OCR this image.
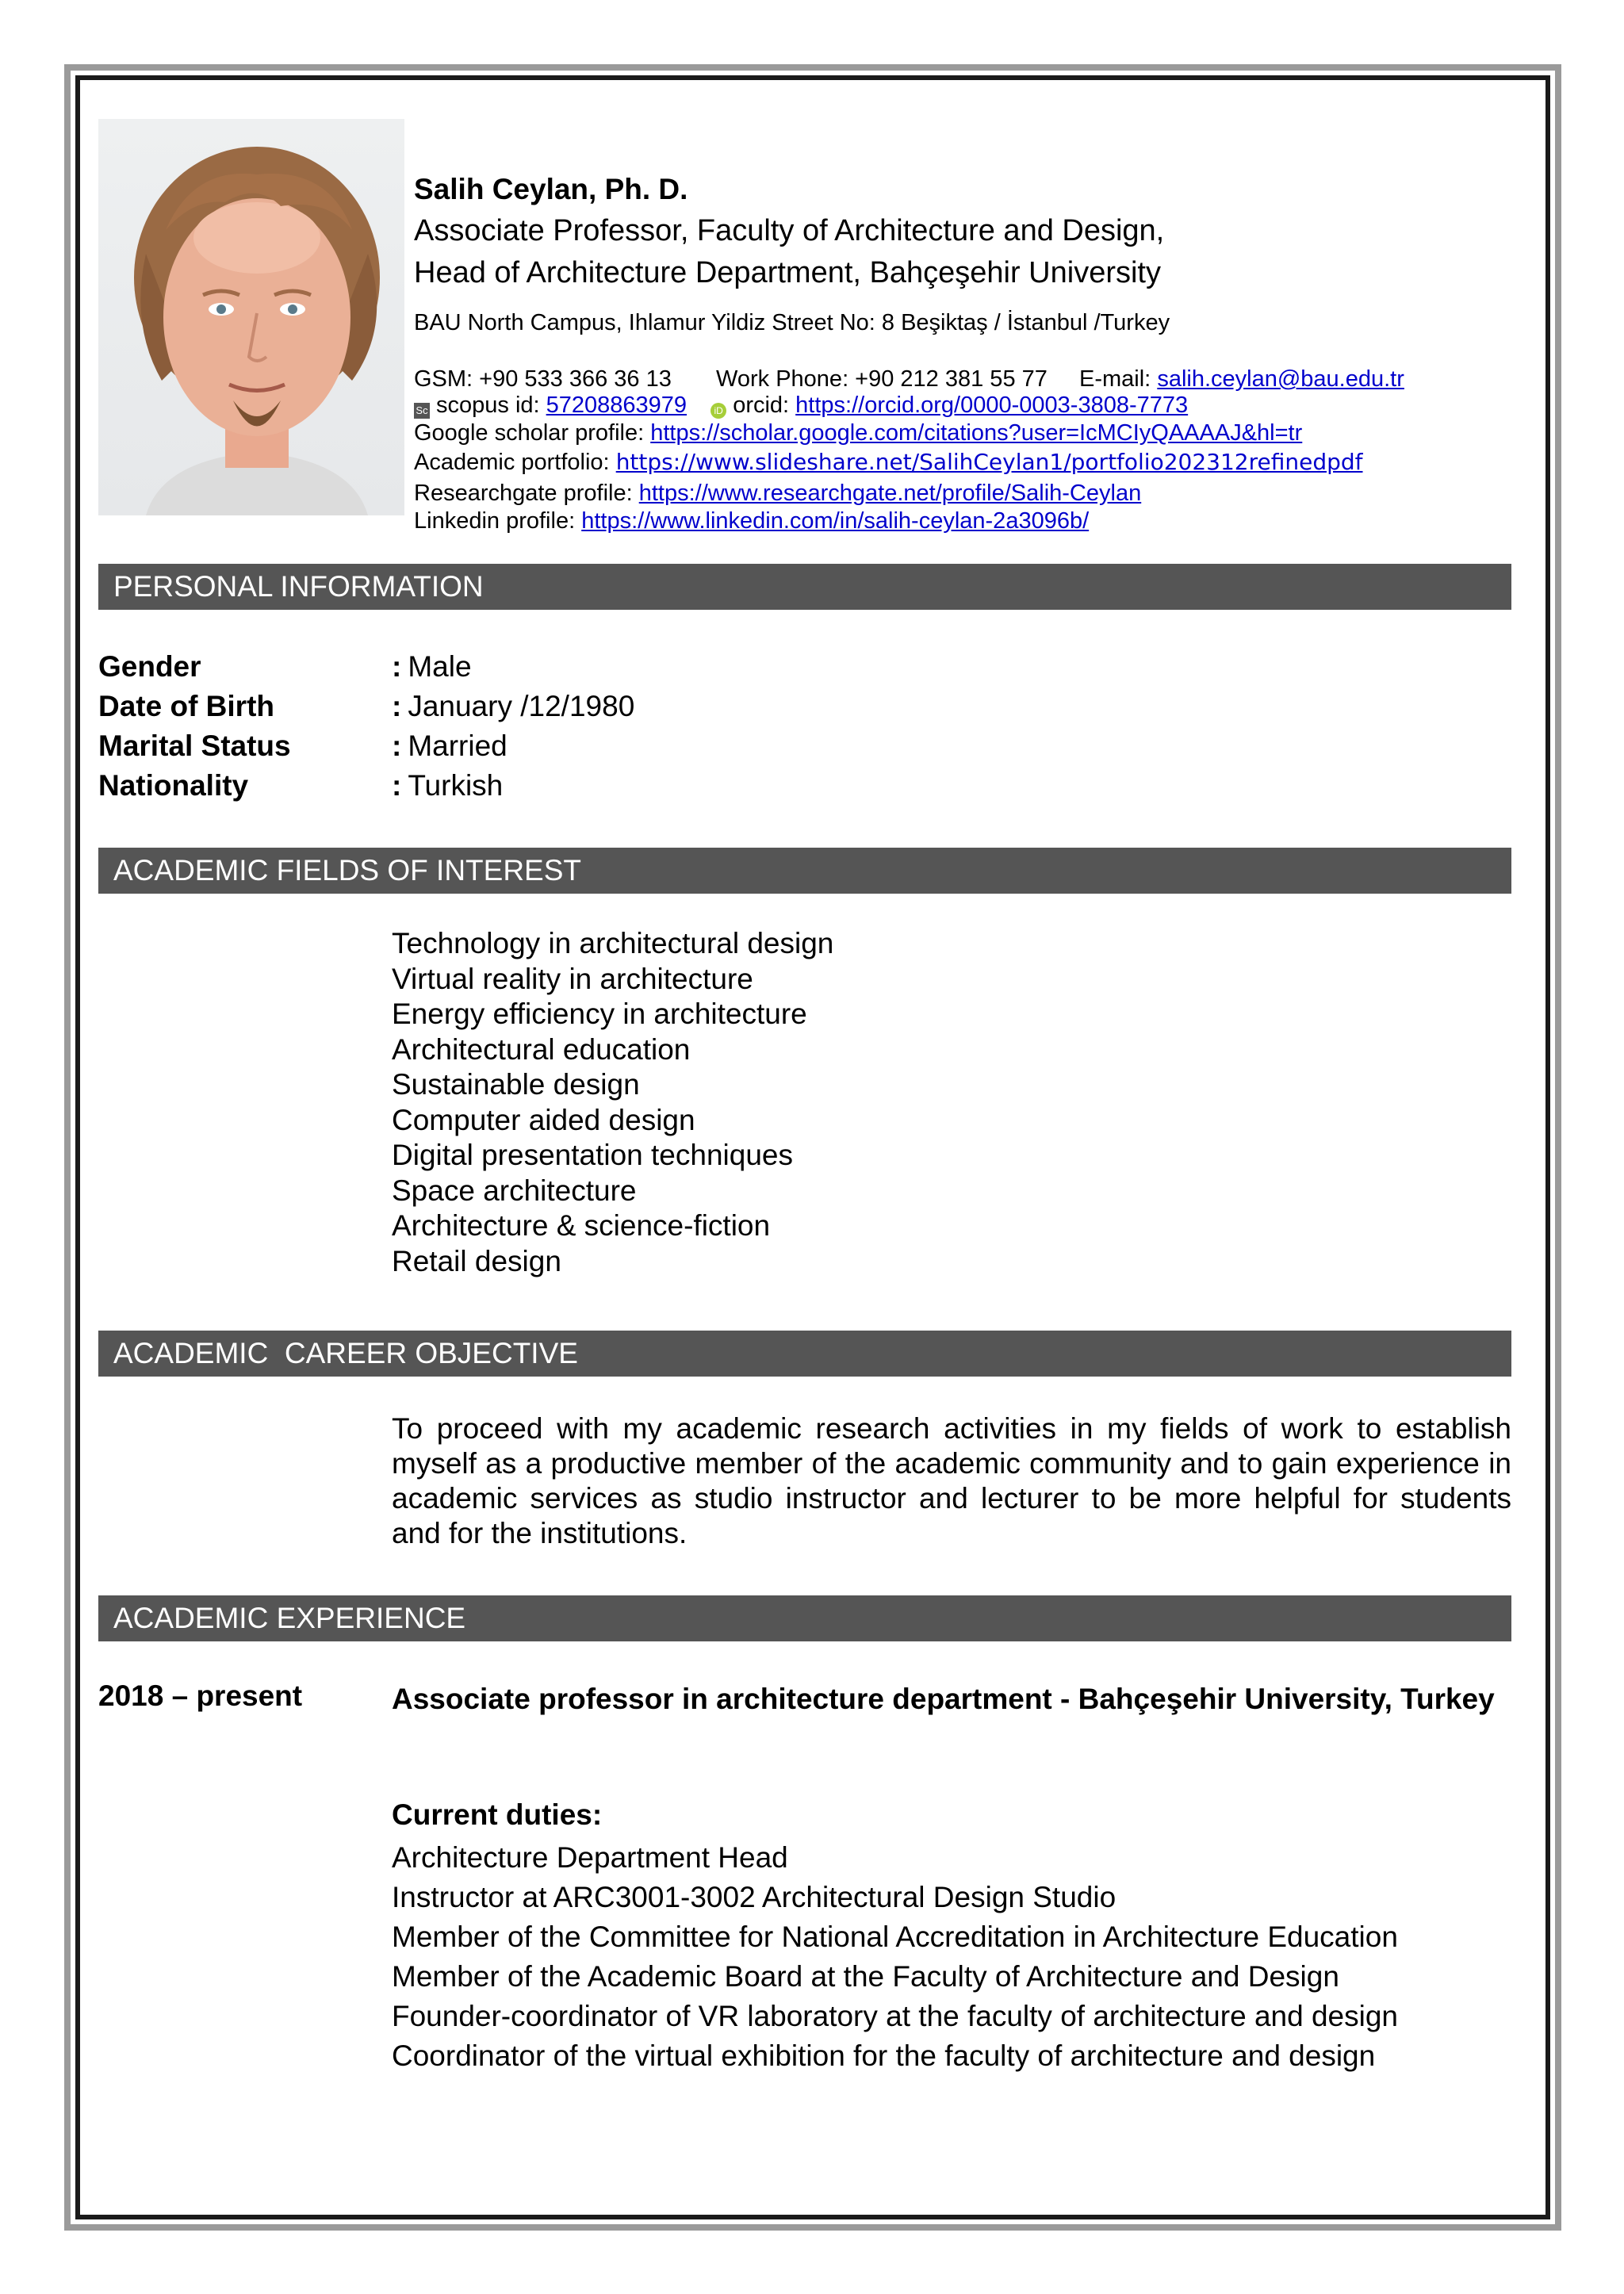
Salih Ceylan, Ph. D.
Associate Professor, Faculty of Architecture and Design,
Head of Architecture Department, Bahçeşehir University
BAU North Campus, Ihlamur Yildiz Street No: 8 Beşiktaş / İstanbul /Turkey
GSM: +90 533 366 36 13 Work Phone: +90 212 381 55 77 E-mail: salih.ceylan@bau.edu.tr
Sc scopus id: 57208863979	iD orcid: https://orcid.org/0000-0003-3808-7773
Google scholar profile: https://scholar.google.com/citations?user=IcMCIyQAAAAJ&hl=tr
Academic portfolio: https://www.slideshare.net/SalihCeylan1/portfolio202312refinedpdf
Researchgate profile: https://www.researchgate.net/profile/Salih-Ceylan
Linkedin profile: https://www.linkedin.com/in/salih-ceylan-2a3096b/
PERSONAL INFORMATION
Gender	: Male
Date of Birth	: January /12/1980
Marital Status	: Married
Nationality	: Turkish
ACADEMIC FIELDS OF INTEREST
Technology in architectural design
Virtual reality in architecture
Energy efficiency in architecture
Architectural education
Sustainable design
Computer aided design
Digital presentation techniques
Space architecture
Architecture & science-fiction
Retail design
ACADEMIC  CAREER OBJECTIVE
To proceed with my academic research activities in my fields of work to establish myself as a productive member of the academic community and to gain experience in academic services as studio instructor and lecturer to be more helpful for students and for the institutions.
ACADEMIC EXPERIENCE
2018 – present	Associate professor in architecture department - Bahçeşehir University, Turkey
Current duties:
Architecture Department Head
Instructor at ARC3001-3002 Architectural Design Studio
Member of the Committee for National Accreditation in Architecture Education
Member of the Academic Board at the Faculty of Architecture and Design
Founder-coordinator of VR laboratory at the faculty of architecture and design
Coordinator of the virtual exhibition for the faculty of architecture and design
